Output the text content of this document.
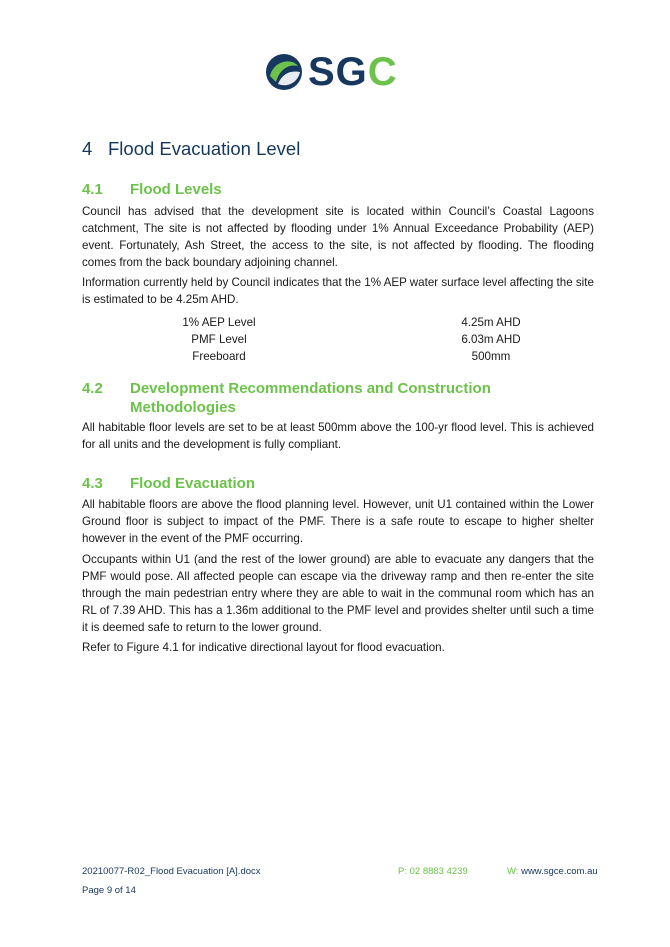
SGC
4 Flood Evacuation Level
4.1 Flood Levels
Council has advised that the development site is located within Council’s Coastal Lagoons catchment, The site is not affected by flooding under 1% Annual Exceedance Probability (AEP) event. Fortunately, Ash Street, the access to the site, is not affected by flooding. The flooding comes from the back boundary adjoining channel.
Information currently held by Council indicates that the 1% AEP water surface level affecting the site is estimated to be 4.25m AHD.
1% AEP Level	4.25m AHD
PMF Level	6.03m AHD
Freeboard	500mm
4.2 Development Recommendations and Construction Methodologies
All habitable floor levels are set to be at least 500mm above the 100-yr flood level. This is achieved for all units and the development is fully compliant.
4.3 Flood Evacuation
All habitable floors are above the flood planning level. However, unit U1 contained within the Lower Ground floor is subject to impact of the PMF. There is a safe route to escape to higher shelter however in the event of the PMF occurring.
Occupants within U1 (and the rest of the lower ground) are able to evacuate any dangers that the PMF would pose. All affected people can escape via the driveway ramp and then re-enter the site through the main pedestrian entry where they are able to wait in the communal room which has an RL of 7.39 AHD. This has a 1.36m additional to the PMF level and provides shelter until such a time it is deemed safe to return to the lower ground.
Refer to Figure 4.1 for indicative directional layout for flood evacuation.
20210077-R02_Flood Evacuation [A].docx
Page 9 of 14
P: 02 8883 4239	W: www.sgce.com.au
